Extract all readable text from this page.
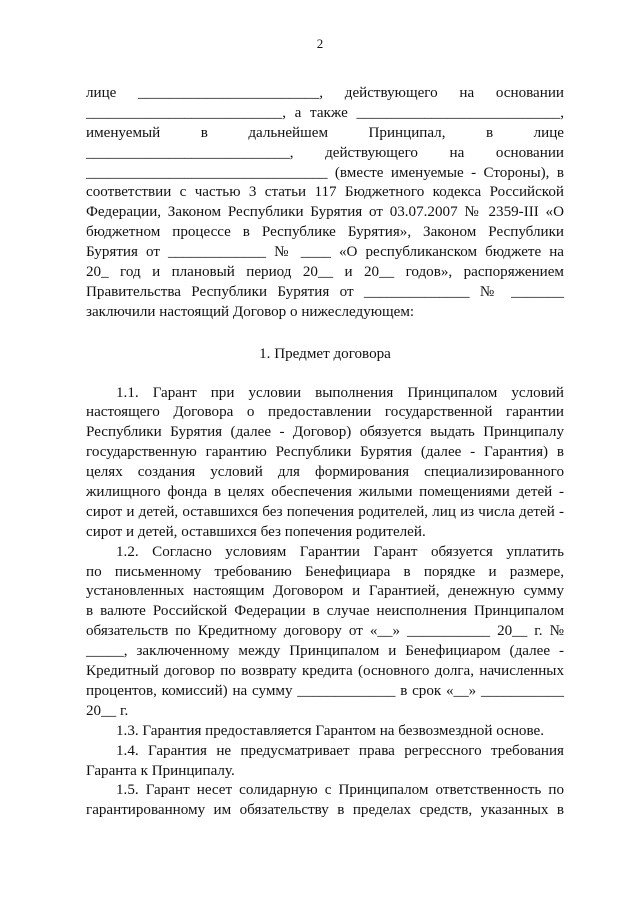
2
лице ________________________, действующего на основании
__________________________, а также ___________________________,
именуемый в дальнейшем Принципал, в лице
___________________________, действующего на основании
________________________________ (вместе именуемые - Стороны), в
соответствии с частью 3 статьи 117 Бюджетного кодекса Российской
Федерации, Законом Республики Бурятия от 03.07.2007 № 2359-III «О
бюджетном процессе в Республике Бурятия», Законом Республики
Бурятия от _____________ № ____ «О республиканском бюджете на
20_ год и плановый период 20__ и 20__ годов», распоряжением
Правительства Республики Бурятия от ______________ № _______
заключили настоящий Договор о нижеследующем:
1. Предмет договора
1.1. Гарант при условии выполнения Принципалом условий
настоящего Договора о предоставлении государственной гарантии
Республики Бурятия (далее - Договор) обязуется выдать Принципалу
государственную гарантию Республики Бурятия (далее - Гарантия) в
целях создания условий для формирования специализированного
жилищного фонда в целях обеспечения жилыми помещениями детей -
сирот и детей, оставшихся без попечения родителей, лиц из числа детей -
сирот и детей, оставшихся без попечения родителей.
1.2. Согласно условиям Гарантии Гарант обязуется уплатить
по письменному требованию Бенефициара в порядке и размере,
установленных настоящим Договором и Гарантией, денежную сумму
в валюте Российской Федерации в случае неисполнения Принципалом
обязательств по Кредитному договору от «__» ___________ 20__ г. №
_____, заключенному между Принципалом и Бенефициаром (далее -
Кредитный договор по возврату кредита (основного долга, начисленных
процентов, комиссий) на сумму _____________ в срок «__» ___________
20__ г.
1.3. Гарантия предоставляется Гарантом на безвозмездной основе.
1.4. Гарантия не предусматривает права регрессного требования
Гаранта к Принципалу.
1.5. Гарант несет солидарную с Принципалом ответственность по
гарантированному им обязательству в пределах средств, указанных в
